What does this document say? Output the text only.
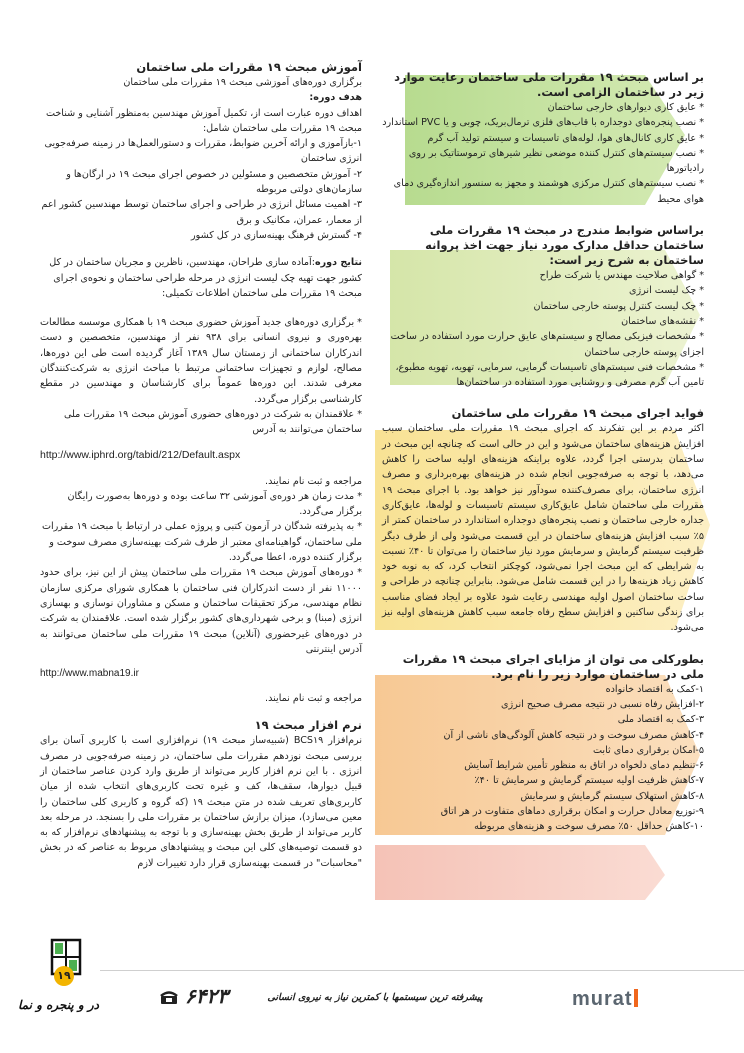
بر اساس مبحث ۱۹ مقررات ملی ساختمان رعایت موارد زیر در ساختمان الزامی است.

* عایق کاری دیوارهای خارجی ساختمان

* نصب پنجره‌های دوجداره با قاب‌های فلزی ترمال‌بریک، چوبی و یا PVC استاندارد

* عایق کاری کانال‌های هوا، لوله‌های تاسیسات و سیستم تولید آب گرم

* نصب سیستم‌های کنترل کننده موضعی نظیر شیرهای ترموستاتیک بر روی رادیاتورها

* نصب سیستم‌های کنترل مرکزی هوشمند و مجهز به سنسور اندازه‌گیری دمای هوای محیط

براساس ضوابط مندرج در مبحث ۱۹ مقررات ملی ساختمان حداقل مدارک مورد نیاز جهت اخذ پروانه ساختمان به شرح زیر است:

* گواهی صلاحیت مهندس یا شرکت طراح

* چک لیست انرژی

* چک لیست کنترل پوسته خارجی ساختمان

* نقشه‌های ساختمان

* مشخصات فیزیکی مصالح و سیستم‌های عایق حرارت مورد استفاده در ساخت اجزای پوسته خارجی ساختمان

* مشخصات فنی سیستم‌های تاسیسات گرمایی، سرمایی، تهویه، تهویه مطبوع، تامین آب گرم مصرفی و روشنایی مورد استفاده در ساختمان‌ها

فواید اجرای مبحث ۱۹ مقررات ملی ساختمان

اکثر مردم بر این تفکرند که اجرای مبحث ۱۹ مقررات ملی ساختمان سبب افزایش هزینه‌های ساختمان می‌شود و این در حالی است که چنانچه این مبحث در ساختمان بدرستی اجرا گردد، علاوه براینکه هزینه‌های اولیه ساخت را کاهش می‌دهد، با توجه به صرفه‌جویی انجام شده در هزینه‌های بهره‌برداری و مصرف انرژی ساختمان، برای مصرف‌کننده سودآور نیز خواهد بود. با اجرای مبحث ۱۹ مقررات ملی ساختمان شامل عایق‌کاری سیستم تاسیسات و لوله‌ها، عایق‌کاری جداره خارجی ساختمان و نصب پنجره‌های دوجداره استاندارد در ساختمان کمتر از ۵٪ سبب افزایش هزینه‌های ساختمان در این قسمت می‌شود ولی از طرف دیگر ظرفیت سیستم گرمایش و سرمایش مورد نیاز ساختمان را می‌توان تا ۴۰٪ نسبت به شرایطی که این مبحث اجرا نمی‌شود، کوچکتر انتخاب کرد، که به نوبه خود کاهش زیاد هزینه‌ها را در این قسمت شامل می‌شود. بنابراین چنانچه در طراحی و ساخت ساختمان اصول اولیه مهندسی رعایت شود علاوه بر ایجاد فضای مناسب برای زندگی ساکنین و افزایش سطح رفاه جامعه سبب کاهش هزینه‌های اولیه نیز می‌شود.

بطورکلی می توان از مزایای اجرای مبحث ۱۹ مقررات ملی در ساختمان موارد زیر را نام برد.

۱-کمک به اقتصاد خانواده

۲-افزایش رفاه نسبی در نتیجه مصرف صحیح انرژی

۳-کمک به اقتصاد ملی

۴-کاهش مصرف سوخت و در نتیجه کاهش آلودگی‌های ناشی از آن

۵-امکان برقراری دمای ثابت

۶-تنظیم دمای دلخواه در اتاق به منظور تأمین شرایط آسایش

۷-کاهش ظرفیت اولیه سیستم گرمایش و سرمایش تا ۴۰٪

۸-کاهش استهلاک سیستم گرمایش و سرمایش

۹-توزیع معادل حرارت و امکان برقراری دماهای متفاوت در هر اتاق

۱۰-کاهش حداقل ۵۰٪ مصرف سوخت و هزینه‌های مربوطه

آموزش مبحث ۱۹ مقررات ملی ساختمان

برگزاری دوره‌های آموزشی مبحث ۱۹ مقررات ملی ساختمان

هدف دوره:

اهداف دوره عبارت است از، تکمیل آموزش مهندسین به‌منظور آشنایی و شناخت مبحث ۱۹ مقررات ملی ساختمان شامل:

۱-بازآموزی و ارائه آخرین ضوابط، مقررات و دستورالعمل‌ها در زمینه صرفه‌جویی انرژی ساختمان

۲- آموزش متخصصین و مسئولین در خصوص اجرای مبحث ۱۹ در ارگان‌ها و سازمان‌های دولتی مربوطه

۳- اهمیت مسائل انرژی در طراحی و اجرای ساختمان توسط مهندسین کشور اعم از معمار، عمران، مکانیک و برق

۴- گسترش فرهنگ بهینه‌سازی در کل کشور

نتایج دوره:آماده سازی طراحان، مهندسین، ناظرین و مجریان ساختمان در کل کشور جهت تهیه چک لیست انرژی در مرحله طراحی ساختمان و نحوه‌ی اجرای مبحث ۱۹ مقررات ملی ساختمان اطلاعات تکمیلی:

* برگزاری دوره‌های جدید آموزش حضوری مبحث ۱۹ با همکاری موسسه مطالعات بهره‌وری و نیروی انسانی برای ۹۳۸ نفر از مهندسین، متخصصین و دست اندرکاران ساختمانی از زمستان سال ۱۳۸۹ آغاز گردیده است طی این دوره‌ها، مصالح، لوازم و تجهیزات ساختمانی مرتبط با مباحث انرژی به شرکت‌کنندگان معرفی شدند. این دوره‌ها عموماً برای کارشناسان و مهندسین در مقطع کارشناسی برگزار می‌گردد.

* علاقمندان به شرکت در دوره‌های حضوری آموزش مبحث ۱۹ مقررات ملی ساختمان می‌توانند به آدرس

http://www.iphrd.org/tabid/212/Default.aspx

مراجعه و ثبت نام نمایند.

* مدت زمان هر دوره‌ی آموزشی ۳۲ ساعت بوده و دوره‌ها به‌صورت رایگان برگزار می‌گردد.

* به پذیرفته شدگان در آزمون کتبی و پروژه عملی در ارتباط با مبحث ۱۹ مقررات ملی ساختمان، گواهینامه‌ای معتبر از طرف شرکت بهینه‌سازی مصرف سوخت و برگزار کننده دوره، اعطا می‌گردد.

* دوره‌های آموزش مبحث ۱۹ مقررات ملی ساختمان پیش از این نیز، برای حدود ۱۱۰۰۰ نفر از دست اندرکاران فنی ساختمان با همکاری شورای مرکزی سازمان نظام مهندسی، مرکز تحقیقات ساختمان و مسکن و مشاوران نوسازی و بهسازی انرژی (مبنا) و برخی شهرداری‌های کشور برگزار شده است. علاقمندان به شرکت در دوره‌های غیرحضوری (آنلاین) مبحث ۱۹ مقررات ملی ساختمان می‌توانند به آدرس اینترنتی

http://www.mabna19.ir

مراجعه و ثبت نام نمایند.

نرم افزار مبحث ۱۹

نرم‌افزار BCS۱۹ (شبیه‌ساز مبحث ۱۹) نرم‌افزاری است با کاربری آسان برای بررسی مبحث نوزدهم مقررات ملی ساختمان، در زمینه صرفه‌جویی در مصرف انرژی . با این نرم افزار کاربر می‌تواند از طریق وارد کردن عناصر ساختمان از قبیل دیوارها، سقف‌ها، کف و غیره تحت کاربری‌های انتخاب شده از میان کاربری‌های تعریف شده در متن مبحث ۱۹ (که گروه و کاربری کلی ساختمان را معین می‌سازد)، میزان برازش ساختمان بر مقررات ملی را بسنجد. در مرحله بعد کاربر می‌تواند از طریق بخش بهینه‌سازی و با توجه به پیشنهادهای نرم‌افزار که به دو قسمت توصیه‌های کلی این مبحث و پیشنهادهای مربوط به عناصر که در بخش "محاسبات" در قسمت بهینه‌سازی قرار دارد تغییرات لازم

۱۹
در و پنجره و نما	۶۴۲۳	پیشرفته ترین سیستمها با کمترین نیاز به نیروی انسانی	murat
